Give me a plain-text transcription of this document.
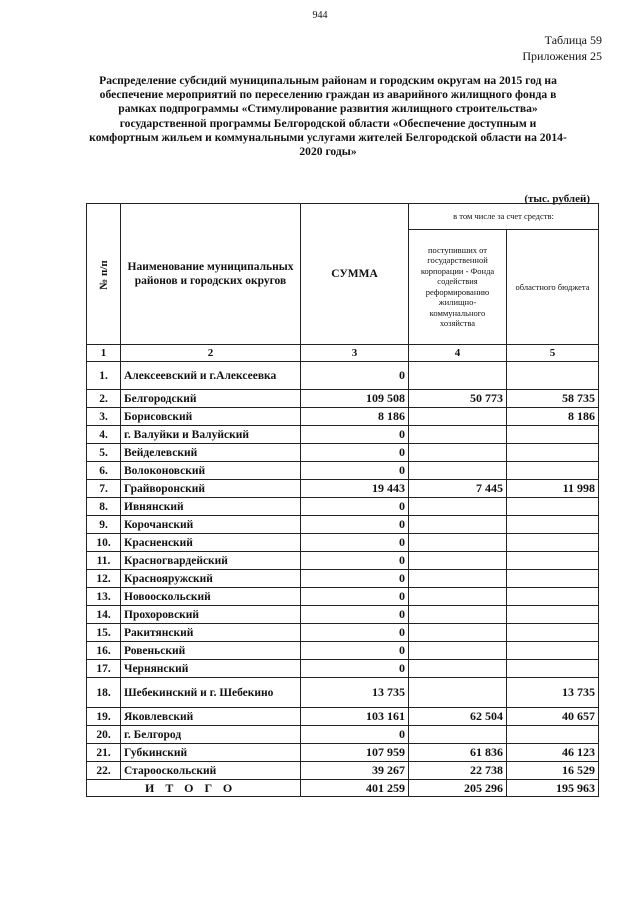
944
Таблица 59
Приложения 25
Распределение субсидий муниципальным районам и городским округам на 2015 год на обеспечение мероприятий по переселению граждан из аварийного жилищного фонда в рамках подпрограммы «Стимулирование развития жилищного строительства» государственной программы Белгородской области «Обеспечение доступным и комфортным жильем и коммунальными услугами жителей Белгородской области на 2014-2020 годы»
(тыс. рублей)
№ п/п	Наименование муниципальных районов и городских округов	СУММА	в том числе за счет средств:	
			поступивших от государственной корпорации - Фонда содействия реформированию жилищно-коммунального хозяйства	областного бюджета
1	2	3	4	5
1.	Алексеевский и г.Алексеевка	0		
2.	Белгородский	109 508	50 773	58 735
3.	Борисовский	8 186		8 186
4.	г. Валуйки и Валуйский	0		
5.	Вейделевский	0		
6.	Волоконовский	0		
7.	Грайворонский	19 443	7 445	11 998
8.	Ивнянский	0		
9.	Корочанский	0		
10.	Красненский	0		
11.	Красногвардейский	0		
12.	Краснояружский	0		
13.	Новооскольский	0		
14.	Прохоровский	0		
15.	Ракитянский	0		
16.	Ровеньский	0		
17.	Чернянский	0		
18.	Шебекинский и г. Шебекино	13 735		13 735
19.	Яковлевский	103 161	62 504	40 657
20.	г. Белгород	0		
21.	Губкинский	107 959	61 836	46 123
22.	Старооскольский	39 267	22 738	16 529
ИТОГО		401 259	205 296	195 963
